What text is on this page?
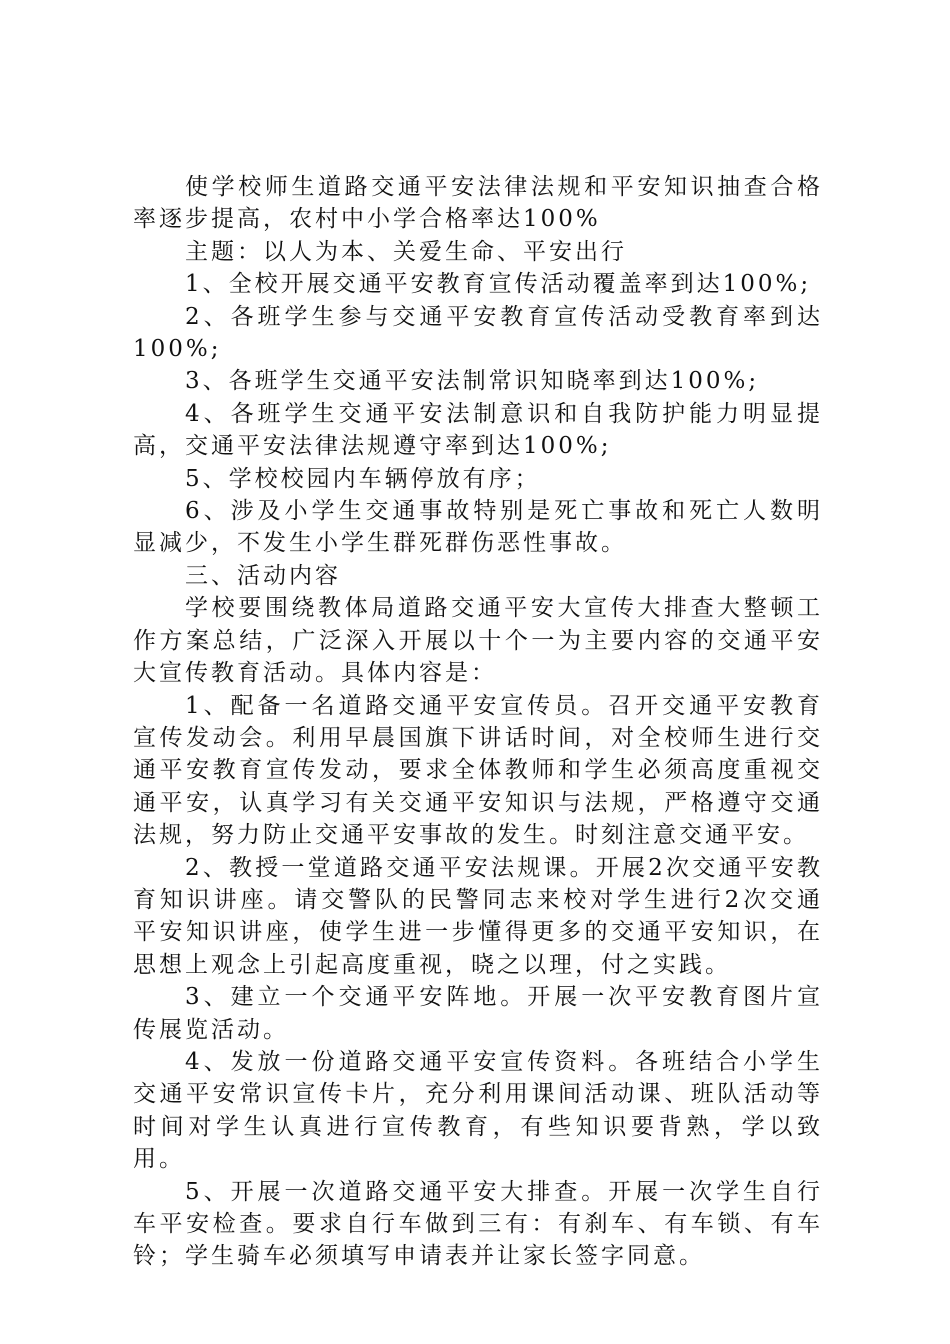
使学校师生道路交通平安法律法规和平安知识抽查合格率逐步提高，农村中小学合格率达100%

主题：以人为本、关爱生命、平安出行

1、全校开展交通平安教育宣传活动覆盖率到达100%;

2、各班学生参与交通平安教育宣传活动受教育率到达100%;

3、各班学生交通平安法制常识知晓率到达100%;

4、各班学生交通平安法制意识和自我防护能力明显提高，交通平安法律法规遵守率到达100%;

5、学校校园内车辆停放有序；

6、涉及小学生交通事故特别是死亡事故和死亡人数明显减少，不发生小学生群死群伤恶性事故。

三、活动内容

学校要围绕教体局道路交通平安大宣传大排查大整顿工作方案总结，广泛深入开展以十个一为主要内容的交通平安大宣传教育活动。具体内容是：

1、配备一名道路交通平安宣传员。召开交通平安教育宣传发动会。利用早晨国旗下讲话时间，对全校师生进行交通平安教育宣传发动，要求全体教师和学生必须高度重视交通平安，认真学习有关交通平安知识与法规，严格遵守交通法规，努力防止交通平安事故的发生。时刻注意交通平安。

2、教授一堂道路交通平安法规课。开展2次交通平安教育知识讲座。请交警队的民警同志来校对学生进行2次交通平安知识讲座，使学生进一步懂得更多的交通平安知识，在思想上观念上引起高度重视，晓之以理，付之实践。

3、建立一个交通平安阵地。开展一次平安教育图片宣传展览活动。

4、发放一份道路交通平安宣传资料。各班结合小学生交通平安常识宣传卡片，充分利用课间活动课、班队活动等时间对学生认真进行宣传教育，有些知识要背熟，学以致用。

5、开展一次道路交通平安大排查。开展一次学生自行车平安检查。要求自行车做到三有：有刹车、有车锁、有车铃；学生骑车必须填写申请表并让家长签字同意。
